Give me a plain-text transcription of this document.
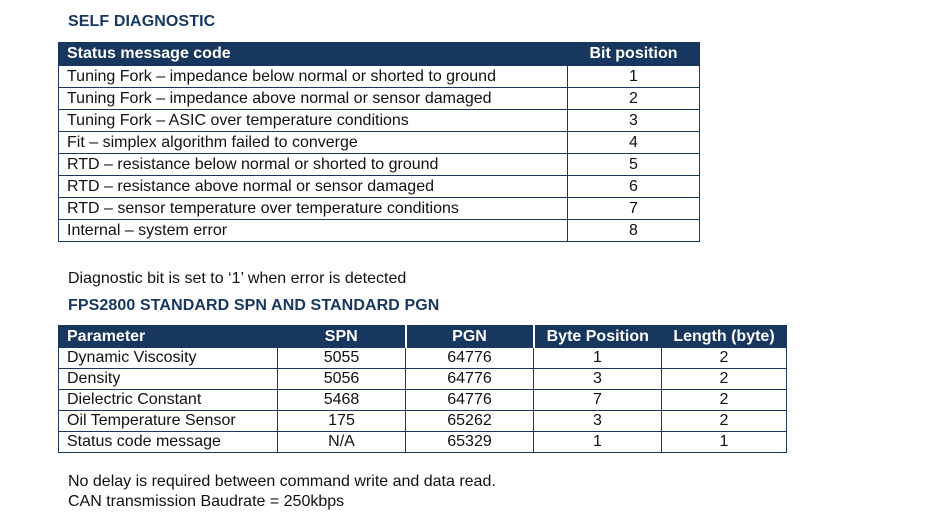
SELF DIAGNOSTIC
Status message code	Bit position
Tuning Fork – impedance below normal or shorted to ground	1
Tuning Fork – impedance above normal or sensor damaged	2
Tuning Fork – ASIC over temperature conditions	3
Fit – simplex algorithm failed to converge	4
RTD – resistance below normal or shorted to ground	5
RTD – resistance above normal or sensor damaged	6
RTD – sensor temperature over temperature conditions	7
Internal – system error	8
Diagnostic bit is set to ‘1’ when error is detected
FPS2800 STANDARD SPN AND STANDARD PGN
Parameter	SPN	PGN	Byte Position	Length (byte)
Dynamic Viscosity	5055	64776	1	2
Density	5056	64776	3	2
Dielectric Constant	5468	64776	7	2
Oil Temperature Sensor	175	65262	3	2
Status code message	N/A	65329	1	1
No delay is required between command write and data read.
CAN transmission Baudrate = 250kbps
